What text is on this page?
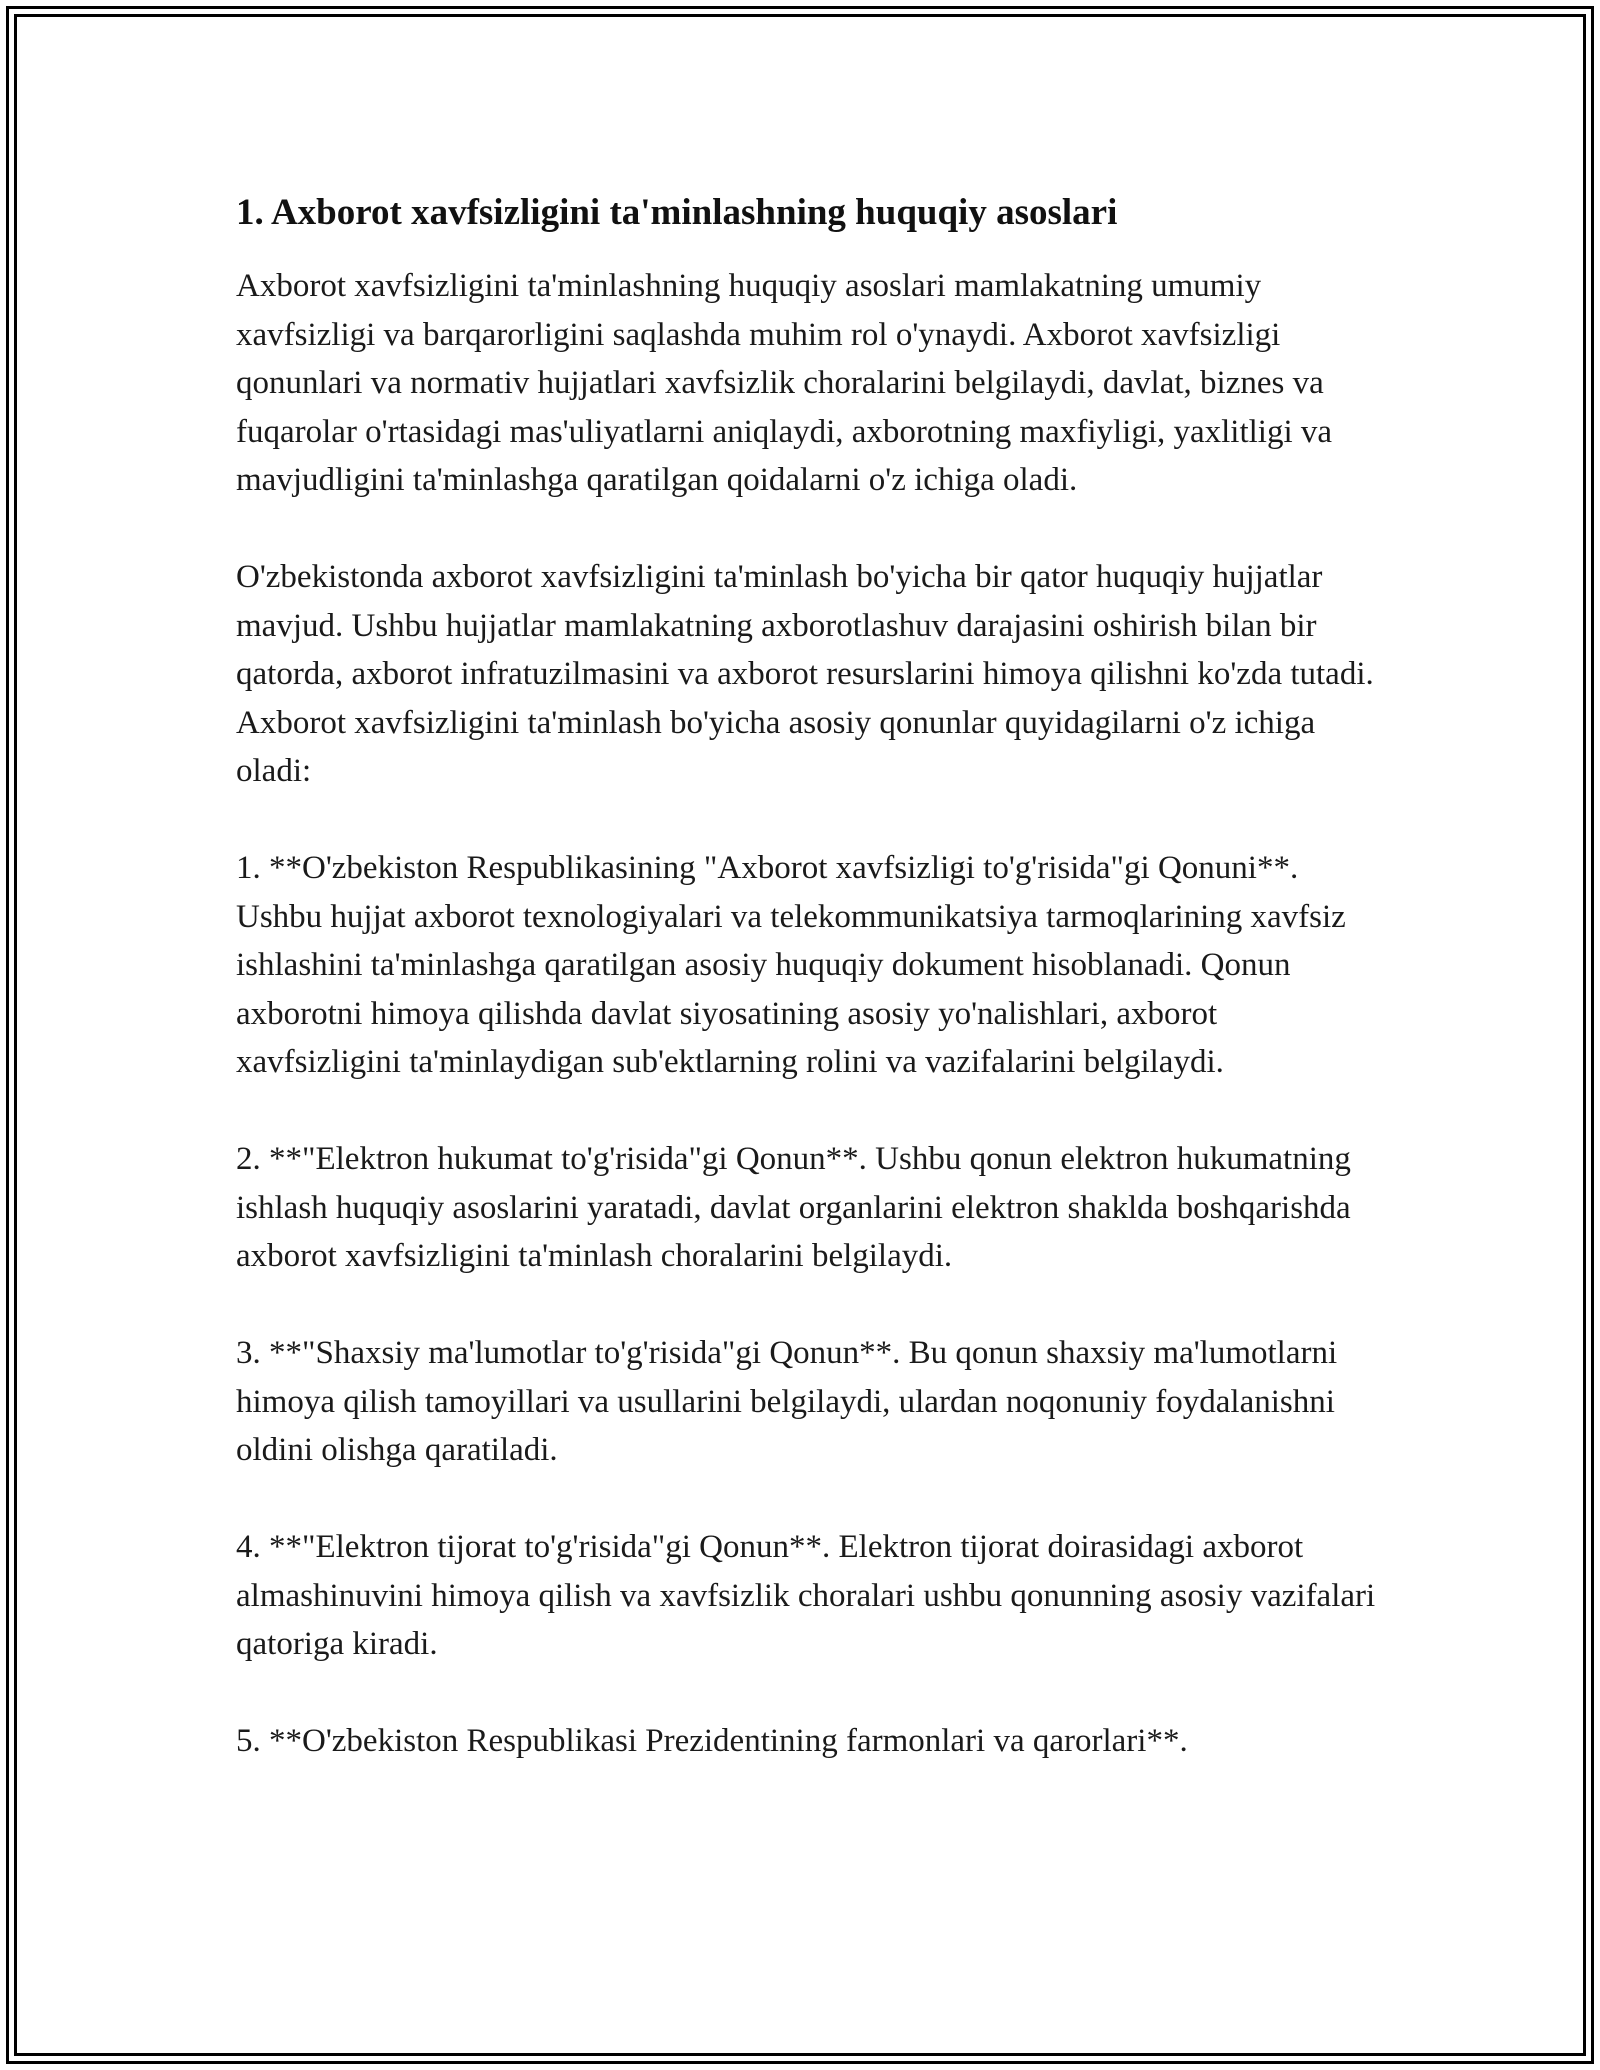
1. Axborot xavfsizligini ta'minlashning huquqiy asoslari

Axborot xavfsizligini ta'minlashning huquqiy asoslari mamlakatning umumiy xavfsizligi va barqarorligini saqlashda muhim rol o'ynaydi. Axborot xavfsizligi qonunlari va normativ hujjatlari xavfsizlik choralarini belgilaydi, davlat, biznes va fuqarolar o'rtasidagi mas'uliyatlarni aniqlaydi, axborotning maxfiyligi, yaxlitligi va mavjudligini ta'minlashga qaratilgan qoidalarni o'z ichiga oladi.

O'zbekistonda axborot xavfsizligini ta'minlash bo'yicha bir qator huquqiy hujjatlar mavjud. Ushbu hujjatlar mamlakatning axborotlashuv darajasini oshirish bilan bir qatorda, axborot infratuzilmasini va axborot resurslarini himoya qilishni ko'zda tutadi. Axborot xavfsizligini ta'minlash bo'yicha asosiy qonunlar quyidagilarni o'z ichiga oladi:

1. **O'zbekiston Respublikasining "Axborot xavfsizligi to'g'risida"gi Qonuni**. Ushbu hujjat axborot texnologiyalari va telekommunikatsiya tarmoqlarining xavfsiz ishlashini ta'minlashga qaratilgan asosiy huquqiy dokument hisoblanadi. Qonun axborotni himoya qilishda davlat siyosatining asosiy yo'nalishlari, axborot xavfsizligini ta'minlaydigan sub'ektlarning rolini va vazifalarini belgilaydi.

2. **"Elektron hukumat to'g'risida"gi Qonun**. Ushbu qonun elektron hukumatning ishlash huquqiy asoslarini yaratadi, davlat organlarini elektron shaklda boshqarishda axborot xavfsizligini ta'minlash choralarini belgilaydi.

3. **"Shaxsiy ma'lumotlar to'g'risida"gi Qonun**. Bu qonun shaxsiy ma'lumotlarni himoya qilish tamoyillari va usullarini belgilaydi, ulardan noqonuniy foydalanishni oldini olishga qaratiladi.

4. **"Elektron tijorat to'g'risida"gi Qonun**. Elektron tijorat doirasidagi axborot almashinuvini himoya qilish va xavfsizlik choralari ushbu qonunning asosiy vazifalari qatoriga kiradi.

5. **O'zbekiston Respublikasi Prezidentining farmonlari va qarorlari**.
